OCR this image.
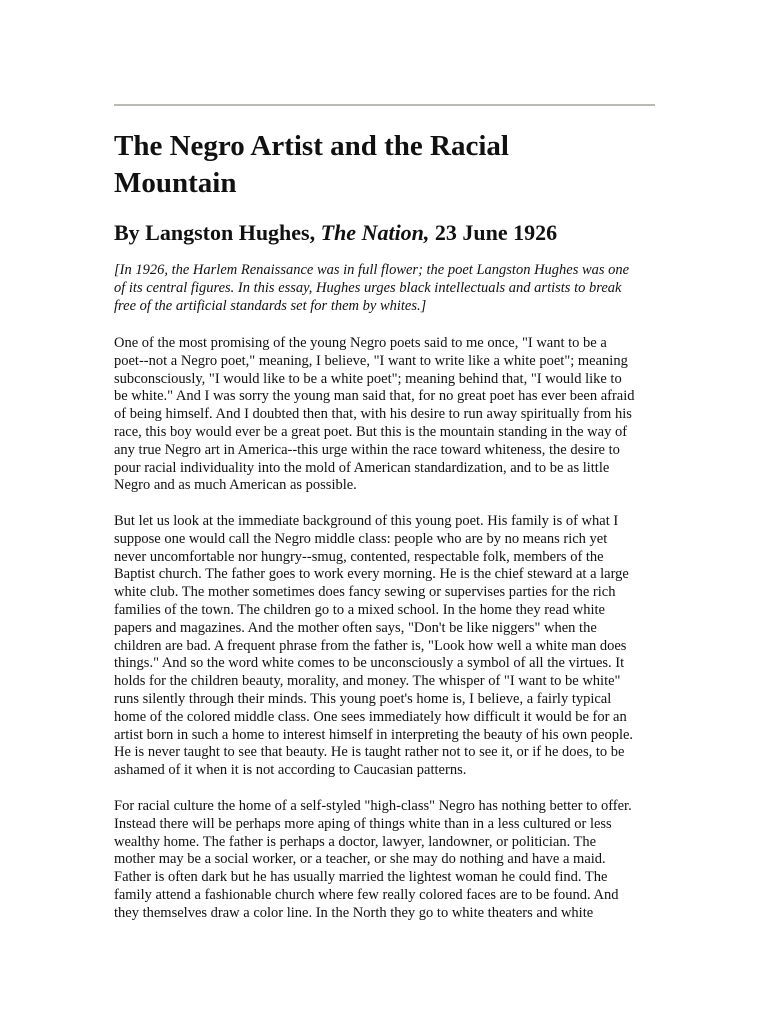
The Negro Artist and the Racial
Mountain
By Langston Hughes, The Nation, 23 June 1926

[In 1926, the Harlem Renaissance was in full flower; the poet Langston Hughes was one
of its central figures. In this essay, Hughes urges black intellectuals and artists to break
free of the artificial standards set for them by whites.]

One of the most promising of the young Negro poets said to me once, "I want to be a
poet--not a Negro poet," meaning, I believe, "I want to write like a white poet"; meaning
subconsciously, "I would like to be a white poet"; meaning behind that, "I would like to
be white." And I was sorry the young man said that, for no great poet has ever been afraid
of being himself. And I doubted then that, with his desire to run away spiritually from his
race, this boy would ever be a great poet. But this is the mountain standing in the way of
any true Negro art in America--this urge within the race toward whiteness, the desire to
pour racial individuality into the mold of American standardization, and to be as little
Negro and as much American as possible.

But let us look at the immediate background of this young poet. His family is of what I
suppose one would call the Negro middle class: people who are by no means rich yet
never uncomfortable nor hungry--smug, contented, respectable folk, members of the
Baptist church. The father goes to work every morning. He is the chief steward at a large
white club. The mother sometimes does fancy sewing or supervises parties for the rich
families of the town. The children go to a mixed school. In the home they read white
papers and magazines. And the mother often says, "Don't be like niggers" when the
children are bad. A frequent phrase from the father is, "Look how well a white man does
things." And so the word white comes to be unconsciously a symbol of all the virtues. It
holds for the children beauty, morality, and money. The whisper of "I want to be white"
runs silently through their minds. This young poet's home is, I believe, a fairly typical
home of the colored middle class. One sees immediately how difficult it would be for an
artist born in such a home to interest himself in interpreting the beauty of his own people.
He is never taught to see that beauty. He is taught rather not to see it, or if he does, to be
ashamed of it when it is not according to Caucasian patterns.

For racial culture the home of a self-styled "high-class" Negro has nothing better to offer.
Instead there will be perhaps more aping of things white than in a less cultured or less
wealthy home. The father is perhaps a doctor, lawyer, landowner, or politician. The
mother may be a social worker, or a teacher, or she may do nothing and have a maid.
Father is often dark but he has usually married the lightest woman he could find. The
family attend a fashionable church where few really colored faces are to be found. And
they themselves draw a color line. In the North they go to white theaters and white
